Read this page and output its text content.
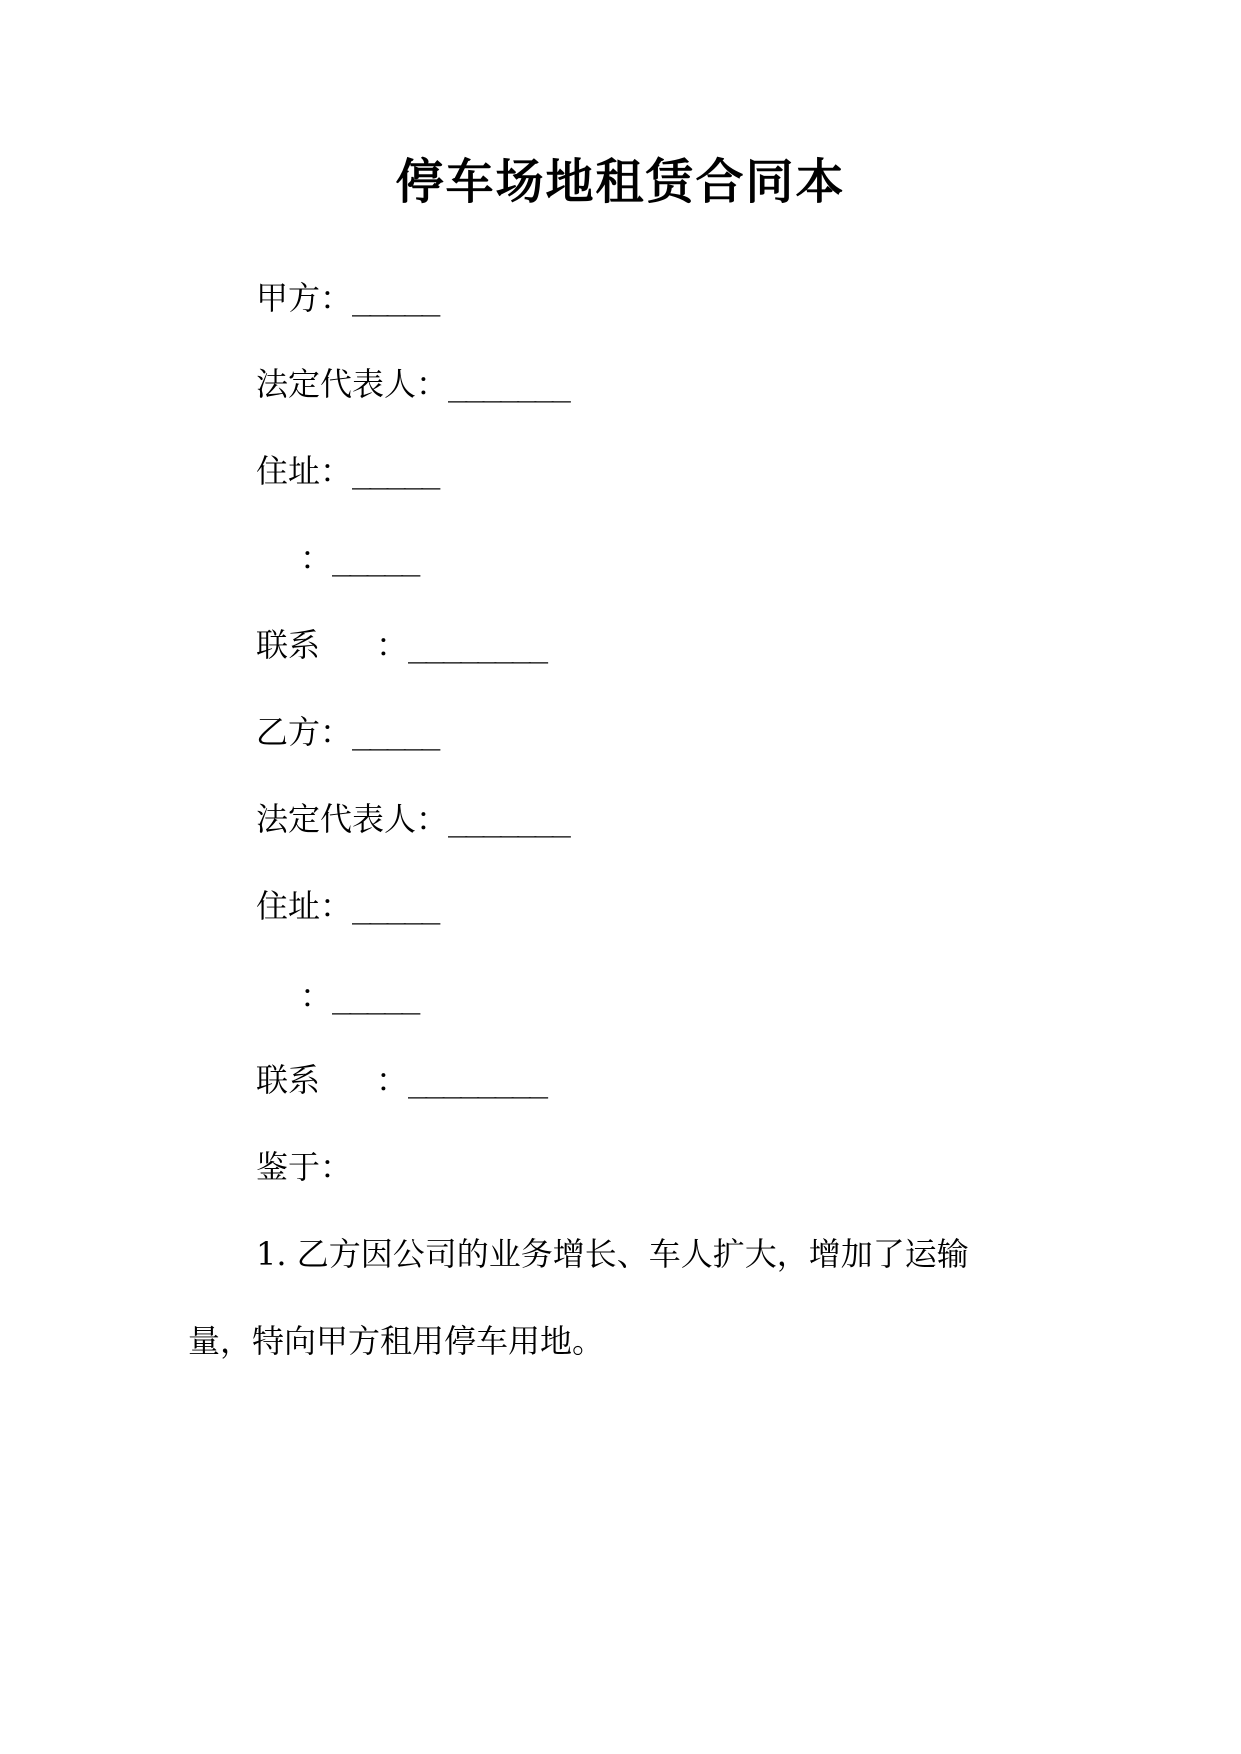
停车场地租赁合同本
甲方：_____
法定代表人：_______
住址：_____
：_____
联系 ：________
乙方：_____
法定代表人：_______
住址：_____
：_____
联系 ：________
鉴于：

1. 乙方因公司的业务增长、车人扩大，增加了运输

量，特向甲方租用停车用地。
